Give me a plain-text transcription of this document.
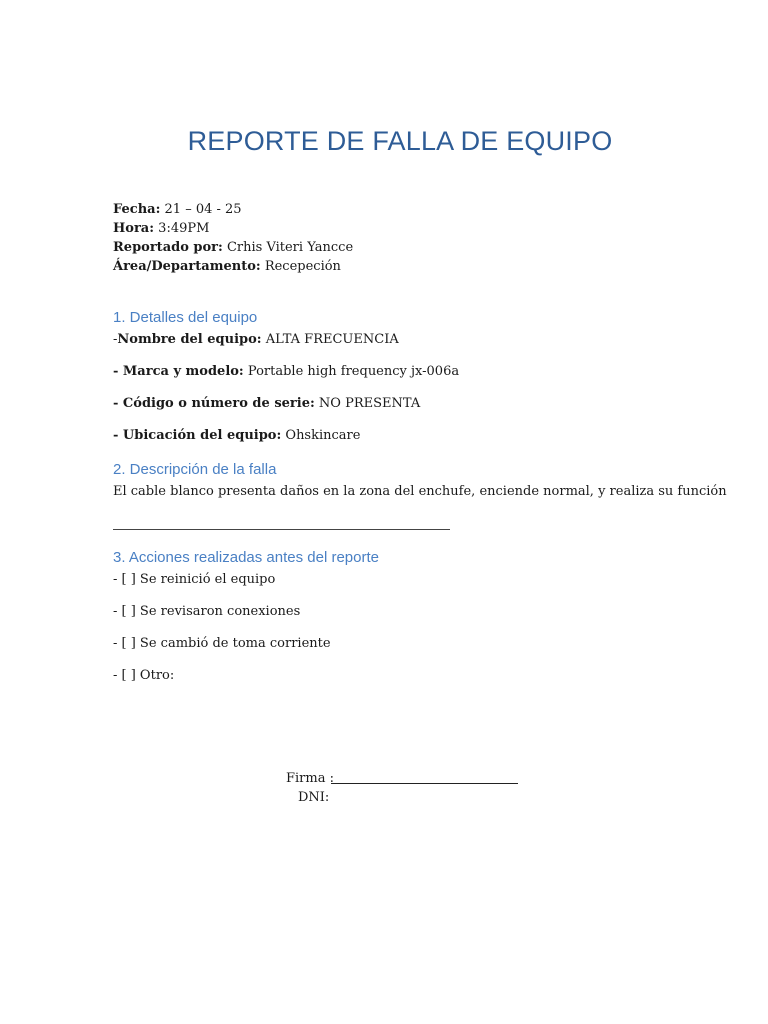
REPORTE DE FALLA DE EQUIPO
Fecha: 21 – 04 - 25
Hora: 3:49PM
Reportado por: Crhis Viteri Yancce
Área/Departamento: Recepeción
1. Detalles del equipo
-Nombre del equipo: ALTA FRECUENCIA
- Marca y modelo: Portable high frequency jx-006a
- Código o número de serie: NO PRESENTA
- Ubicación del equipo: Ohskincare
2. Descripción de la falla
El cable blanco presenta daños en la zona del enchufe, enciende normal, y realiza su función
3. Acciones realizadas antes del reporte
- [ ] Se reinició el equipo
- [ ] Se revisaron conexiones
- [ ] Se cambió de toma corriente
- [ ] Otro:
Firma :
DNI:
